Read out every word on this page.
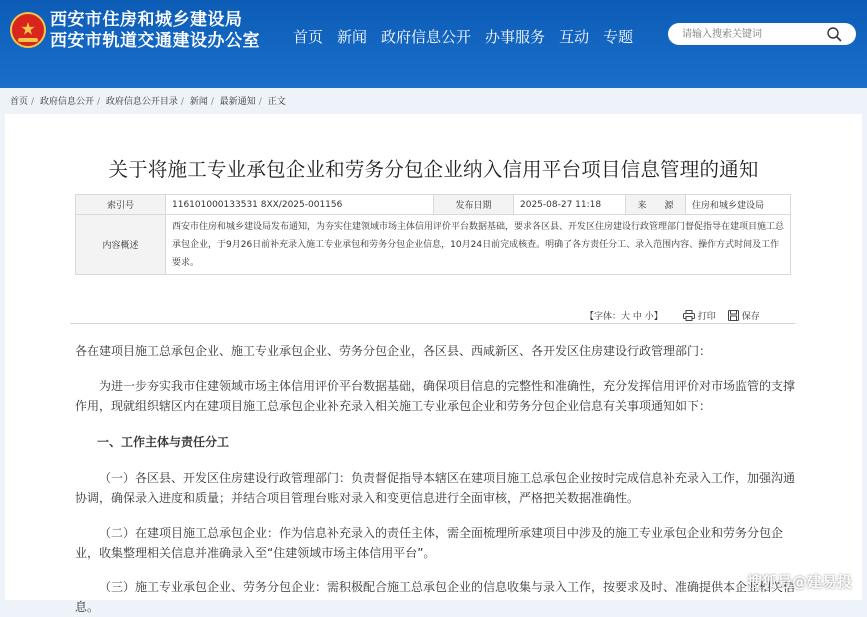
西安市住房和城乡建设局
西安市轨道交通建设办公室 首页 新闻 政府信息公开 办事服务 互动 专题
请输入搜索关键词
首页 / 政府信息公开 / 政府信息公开目录 / 新闻 / 最新通知 / 正文
关于将施工专业承包企业和劳务分包企业纳入信用平台项目信息管理的通知
索引号	116101000133531 8XX/2025-001156	发布日期	2025-08-27 11:18	来　　源	住房和城乡建设局
内容概述	西安市住房和城乡建设局发布通知，为夯实住建领域市场主体信用评价平台数据基础，要求各区县、开发区住房建设行政管理部门督促指导在建项目施工总承包企业，于9月26日前补充录入施工专业承包和劳务分包企业信息，10月24日前完成核查。明确了各方责任分工、录入范围内容、操作方式时间及工作要求。				
【字体：大 中 小】	打印	保存
各在建项目施工总承包企业、施工专业承包企业、劳务分包企业，各区县、西咸新区、各开发区住房建设行政管理部门：
为进一步夯实我市住建领域市场主体信用评价平台数据基础，确保项目信息的完整性和准确性，充分发挥信用评价对市场监管的支撑作用，现就组织辖区内在建项目施工总承包企业补充录入相关施工专业承包企业和劳务分包企业信息有关事项通知如下：
一、工作主体与责任分工
（一）各区县、开发区住房建设行政管理部门：负责督促指导本辖区在建项目施工总承包企业按时完成信息补充录入工作，加强沟通协调，确保录入进度和质量；并结合项目管理台账对录入和变更信息进行全面审核，严格把关数据准确性。
（二）在建项目施工总承包企业：作为信息补充录入的责任主体，需全面梳理所承建项目中涉及的施工专业承包企业和劳务分包企业，收集整理相关信息并准确录入至“住建领域市场主体信用平台”。
（三）施工专业承包企业、劳务分包企业：需积极配合施工总承包企业的信息收集与录入工作，按要求及时、准确提供本企业相关信息。
搜狐号@建易投
